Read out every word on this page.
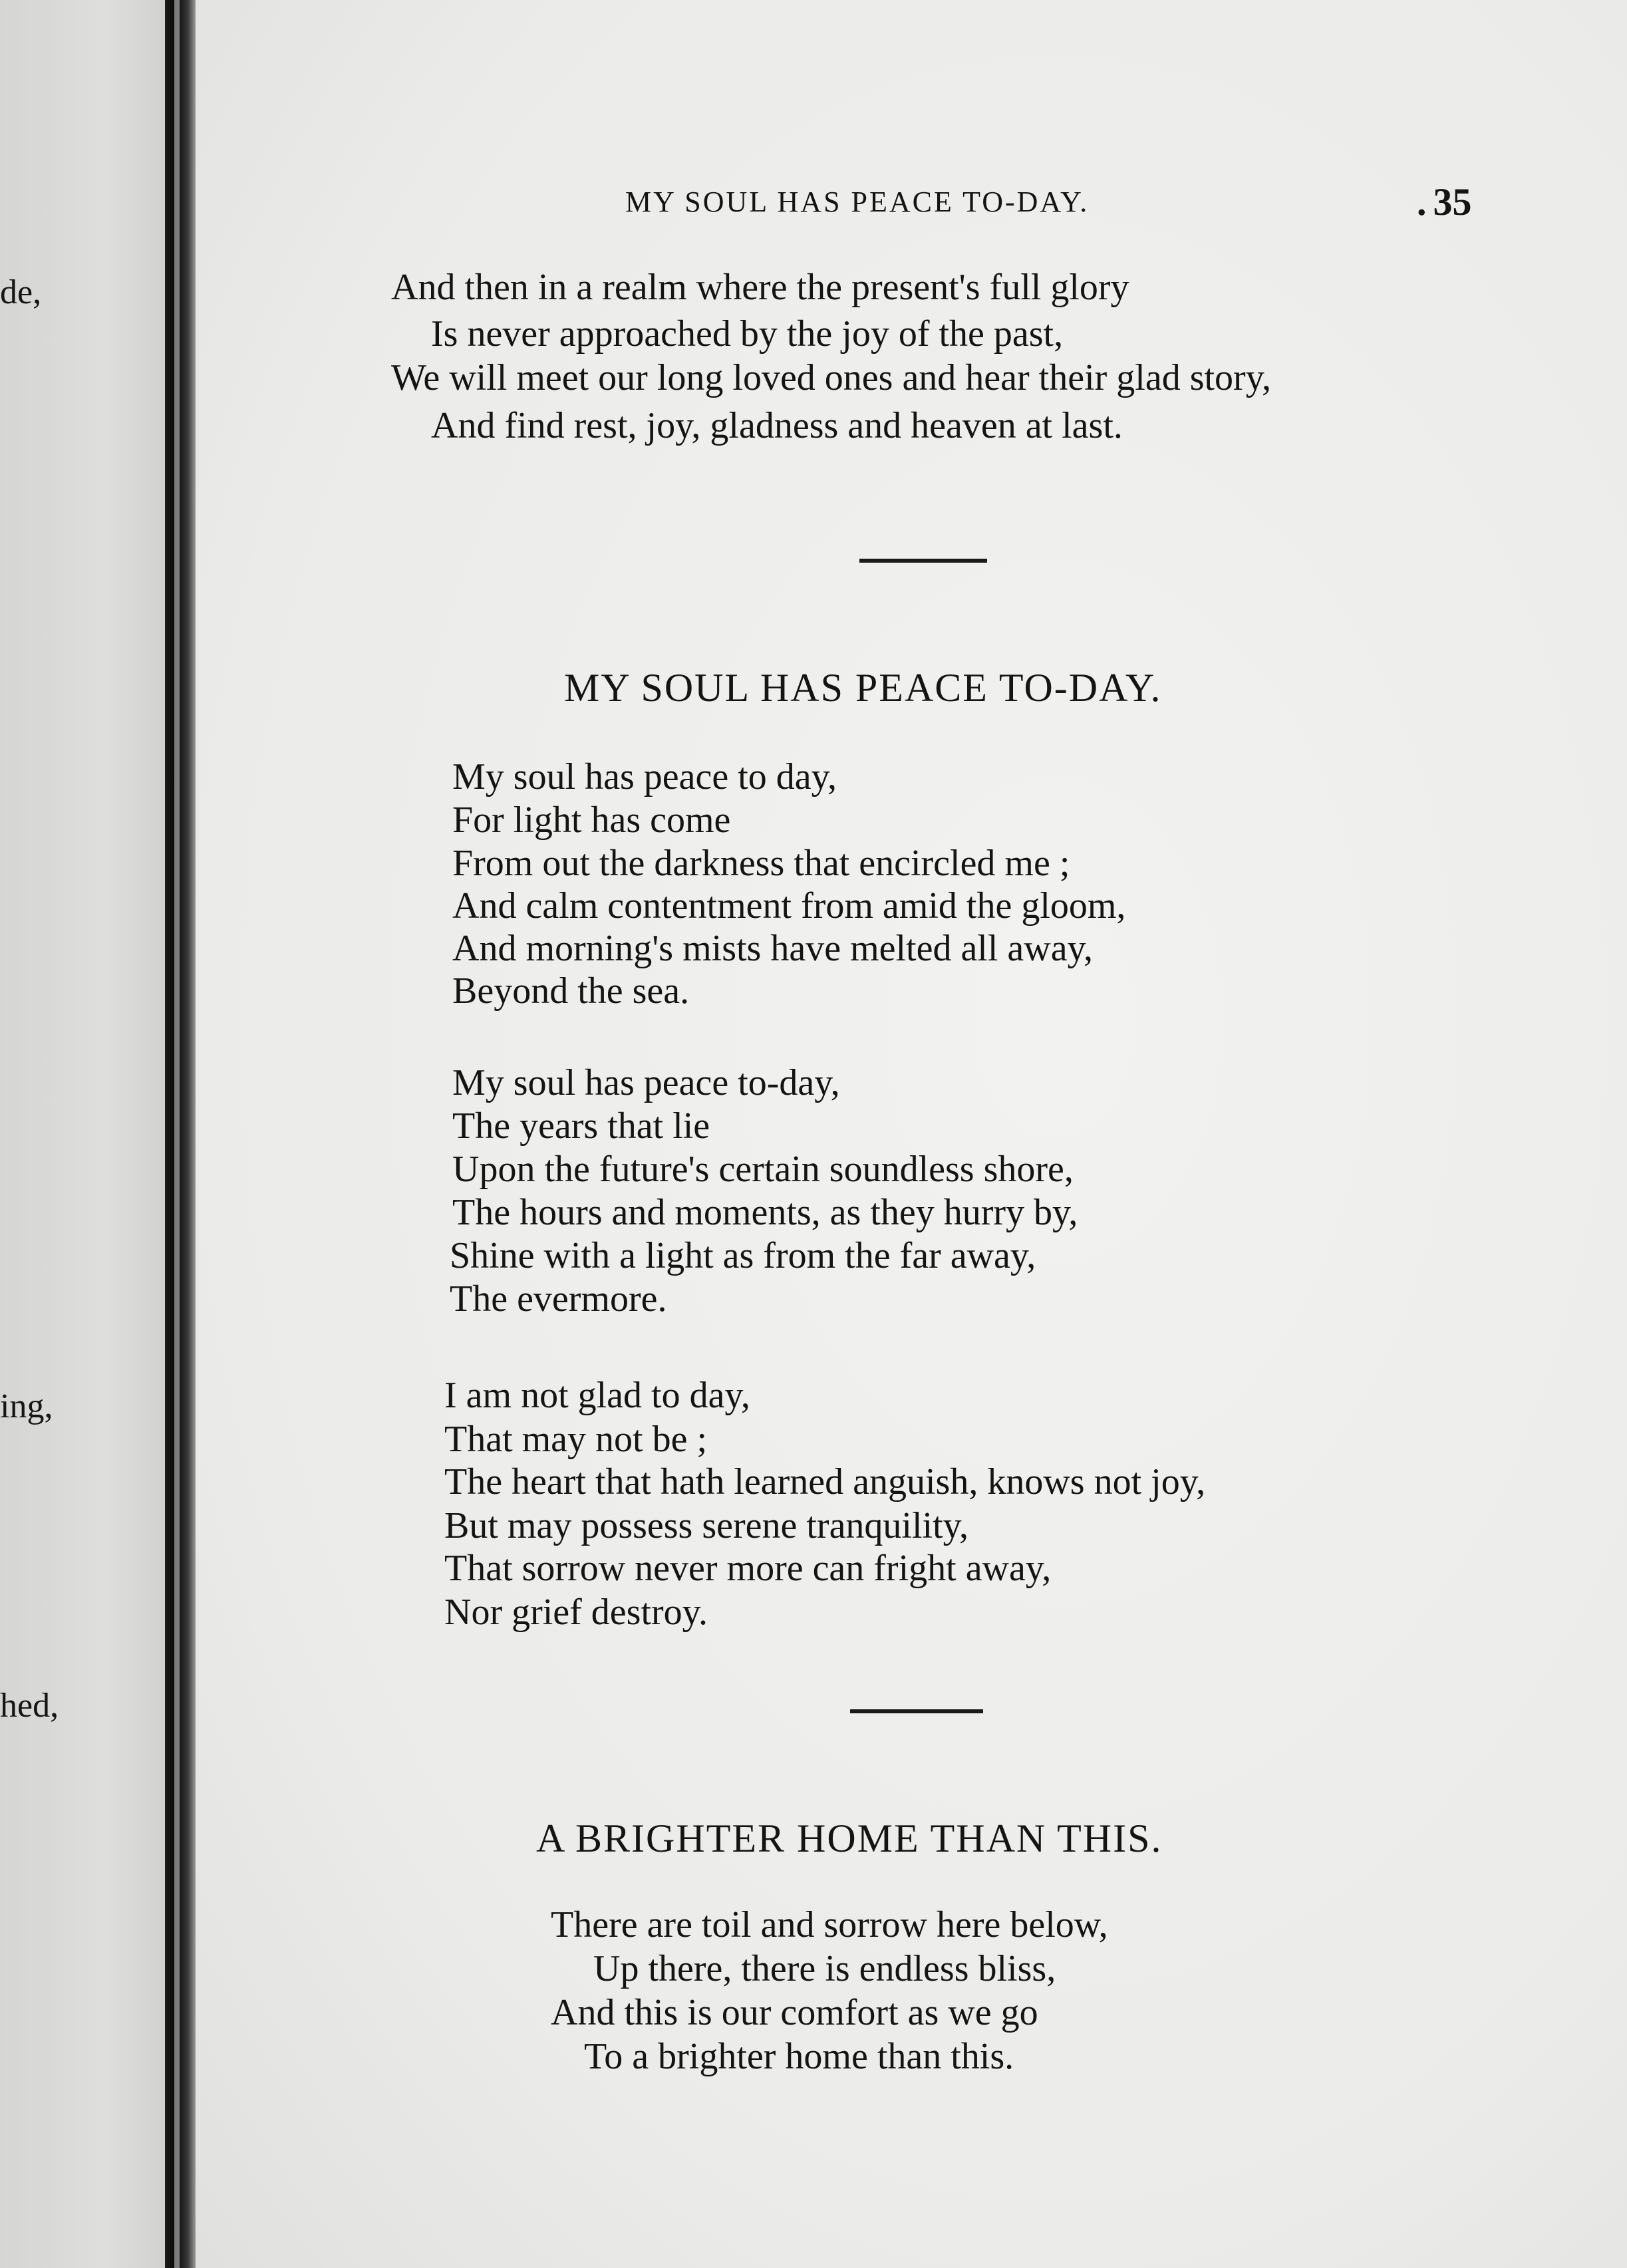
de,
ing,
hed,
MY SOUL HAS PEACE TO-DAY.	. 35
And then in a realm where the present's full glory
Is never approached by the joy of the past,
We will meet our long loved ones and hear their glad story,
And find rest, joy, gladness and heaven at last.
MY SOUL HAS PEACE TO-DAY.
My soul has peace to day,
For light has come
From out the darkness that encircled me ;
And calm contentment from amid the gloom,
And morning's mists have melted all away,
Beyond the sea.
My soul has peace to-day,
The years that lie
Upon the future's certain soundless shore,
The hours and moments, as they hurry by,
Shine with a light as from the far away,
The evermore.
I am not glad to day,
That may not be ;
The heart that hath learned anguish, knows not joy,
But may possess serene tranquility,
That sorrow never more can fright away,
Nor grief destroy.
A BRIGHTER HOME THAN THIS.
There are toil and sorrow here below,
Up there, there is endless bliss,
And this is our comfort as we go
To a brighter home than this.
